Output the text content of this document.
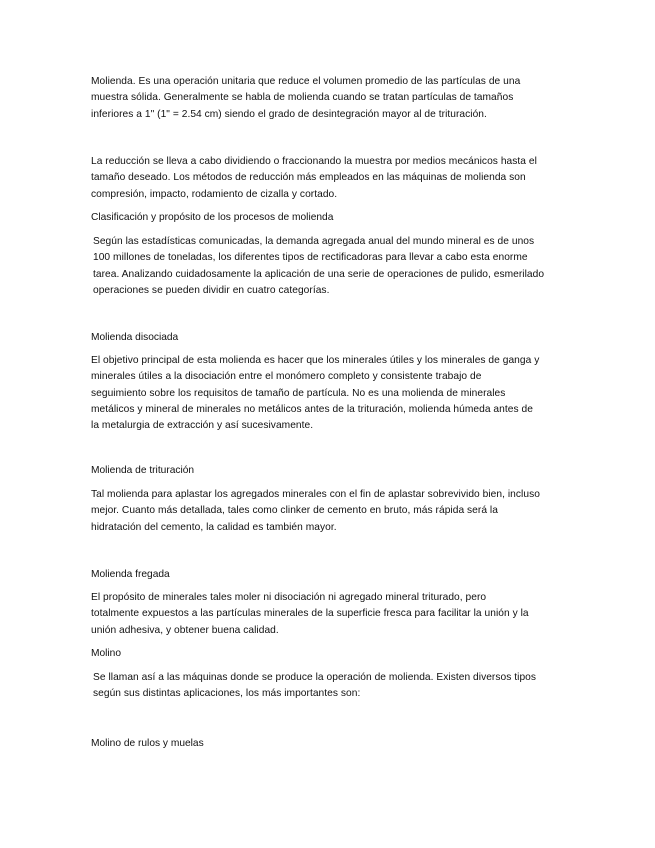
Molienda. Es una operación unitaria que reduce el volumen promedio de las partículas de una
muestra sólida. Generalmente se habla de molienda cuando se tratan partículas de tamaños
inferiores a 1" (1" = 2.54 cm) siendo el grado de desintegración mayor al de trituración.
La reducción se lleva a cabo dividiendo o fraccionando la muestra por medios mecánicos hasta el
tamaño deseado. Los métodos de reducción más empleados en las máquinas de molienda son
compresión, impacto, rodamiento de cizalla y cortado.
Clasificación y propósito de los procesos de molienda
Según las estadísticas comunicadas, la demanda agregada anual del mundo mineral es de unos
100 millones de toneladas, los diferentes tipos de rectificadoras para llevar a cabo esta enorme
tarea. Analizando cuidadosamente la aplicación de una serie de operaciones de pulido, esmerilado
operaciones se pueden dividir en cuatro categorías.
Molienda disociada
El objetivo principal de esta molienda es hacer que los minerales útiles y los minerales de ganga y
minerales útiles a la disociación entre el monómero completo y consistente trabajo de
seguimiento sobre los requisitos de tamaño de partícula. No es una molienda de minerales
metálicos y mineral de minerales no metálicos antes de la trituración, molienda húmeda antes de
la metalurgia de extracción y así sucesivamente.
Molienda de trituración
Tal molienda para aplastar los agregados minerales con el fin de aplastar sobrevivido bien, incluso
mejor. Cuanto más detallada, tales como clinker de cemento en bruto, más rápida será la
hidratación del cemento, la calidad es también mayor.
Molienda fregada
El propósito de minerales tales moler ni disociación ni agregado mineral triturado, pero
totalmente expuestos a las partículas minerales de la superficie fresca para facilitar la unión y la
unión adhesiva, y obtener buena calidad.
Molino
Se llaman así a las máquinas donde se produce la operación de molienda. Existen diversos tipos
según sus distintas aplicaciones, los más importantes son:
Molino de rulos y muelas
